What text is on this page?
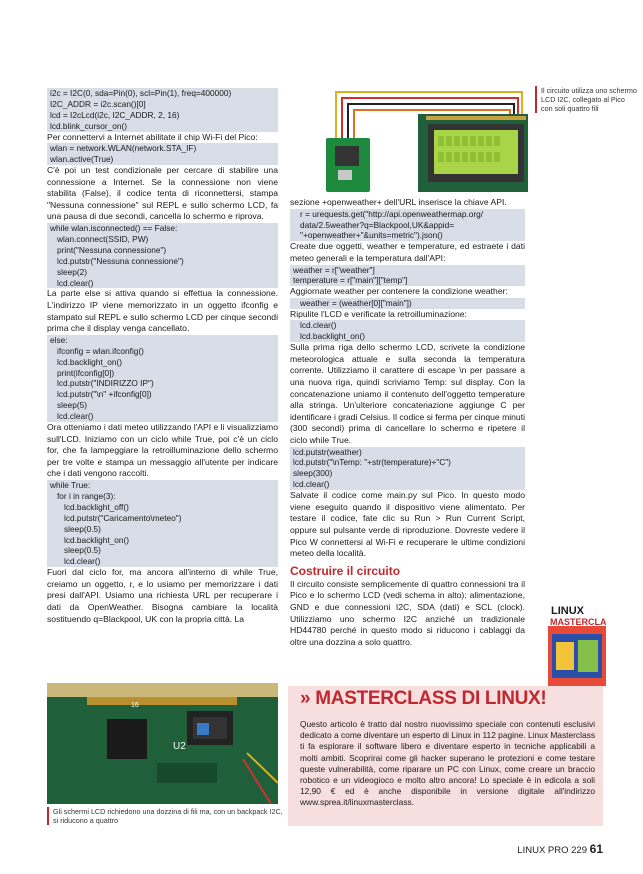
Il circuito utilizza uno schermo LCD I2C, collegato al Pico con soli quattro fili
i2c = I2C(0, sda=Pin(0), scl=Pin(1), freq=400000)
I2C_ADDR = i2c.scan()[0]
lcd = I2cLcd(i2c, I2C_ADDR, 2, 16)
lcd.blink_cursor_on()

Per connettervi a Internet abilitate il chip Wi-Fi del Pico:

wlan = network.WLAN(network.STA_IF)
wlan.active(True)

C'è poi un test condizionale per cercare di stabilire una connessione a Internet. Se la connessione non viene stabilita (False), il codice tenta di riconnettersi, stampa "Nessuna connessione" sul REPL e sullo schermo LCD, fa una pausa di due secondi, cancella lo schermo e riprova.

while wlan.isconnected() == False:
wlan.connect(SSID, PW)
print("Nessuna connessione")
lcd.putstr("Nessuna connessione")
sleep(2)
lcd.clear()

La parte else si attiva quando si effettua la connessione. L'indirizzo IP viene memorizzato in un oggetto ifconfig e stampato sul REPL e sullo schermo LCD per cinque secondi prima che il display venga cancellato.

else:
ifconfig = wlan.ifconfig()
lcd.backlight_on()
print(ifconfig[0])
lcd.putstr("INDIRIZZO IP")
lcd.putstr("\n" +ifconfig[0])
sleep(5)
lcd.clear()

Ora otteniamo i dati meteo utilizzando l'API e li visualizziamo sull'LCD. Iniziamo con un ciclo while True, poi c'è un ciclo for, che fa lampeggiare la retroilluminazione dello schermo per tre volte e stampa un messaggio all'utente per indicare che i dati vengono raccolti.

while True:
for i in range(3):
lcd.backlight_off()
lcd.putstr("Caricamento\meteo")
sleep(0.5)
lcd.backlight_on()
sleep(0.5)
lcd.clear()

Fuori dal ciclo for, ma ancora all'interno di while True, creiamo un oggetto, r, e lo usiamo per memorizzare i dati presi dall'API. Usiamo una richiesta URL per recuperare i dati da OpenWeather. Bisogna cambiare la località sostituendo q=Blackpool, UK con la propria città. La

sezione +openweather+ dell'URL inserisce la chiave API.

r = urequests.get("http://api.openweathermap.org/
data/2.5weather?q=Blackpool,UK&appid=
"+openweather+"&units=metric").json()

Create due oggetti, weather e temperature, ed estraete i dati meteo generali e la temperatura dall'API:

weather = r["weather"]
temperature = r["main"]["temp"]

Aggiornate weather per contenere la condizione weather:

weather = (weather[0]["main"])

Ripulite l'LCD e verificate la retroilluminazione:

lcd.clear()
lcd.backlight_on()

Sulla prima riga dello schermo LCD, scrivete la condizione meteorologica attuale e sulla seconda la temperatura corrente. Utilizziamo il carattere di escape \n per passare a una nuova riga, quindi scriviamo Temp: sul display. Con la concatenazione uniamo il contenuto dell'oggetto temperature alla stringa. Un'ulteriore concatenazione aggiunge C per identificare i gradi Celsius. Il codice si ferma per cinque minuti (300 secondi) prima di cancellare lo schermo e ripetere il ciclo while True.

lcd.putstr(weather)
lcd.putstr("\nTemp: "+str(temperature)+"C")
sleep(300)
lcd.clear()

Salvate il codice come main.py sul Pico. In questo modo viene eseguito quando il dispositivo viene alimentato. Per testare il codice, fate clic su Run > Run Current Script, oppure sul pulsante verde di riproduzione. Dovreste vedere il Pico W connettersi al Wi-Fi e recuperare le ultime condizioni meteo della località.

Costruire il circuito

Il circuito consiste semplicemente di quattro connessioni tra il Pico e lo schermo LCD (vedi schema in alto): alimentazione, GND e due connessioni I2C, SDA (dati) e SCL (clock). Utilizziamo uno schermo I2C anziché un tradizionale HD44780 perché in questo modo si riducono i cablaggi da oltre una dozzina a solo quattro.

U2
16
Gli schermi LCD richiedono una dozzina di fili ma, con un backpack I2C, si riducono a quattro
LINUX
MASTERCLA
» MASTERCLASS DI LINUX!
Questo articolo è tratto dal nostro nuovissimo speciale con contenuti esclusivi dedicato a come diventare un esperto di Linux in 112 pagine. Linux Masterclass ti fa esplorare il software libero e diventare esperto in tecniche applicabili a molti ambiti. Scoprirai come gli hacker superano le protezioni e come testare queste vulnerabilità, come riparare un PC con Linux, come creare un braccio robotico e un videogioco e molto altro ancora! Lo speciale è in edicola a soli 12,90 € ed è anche disponibile in versione digitale all'indirizzo www.sprea.it/linuxmasterclass.
LINUX PRO 229 61
